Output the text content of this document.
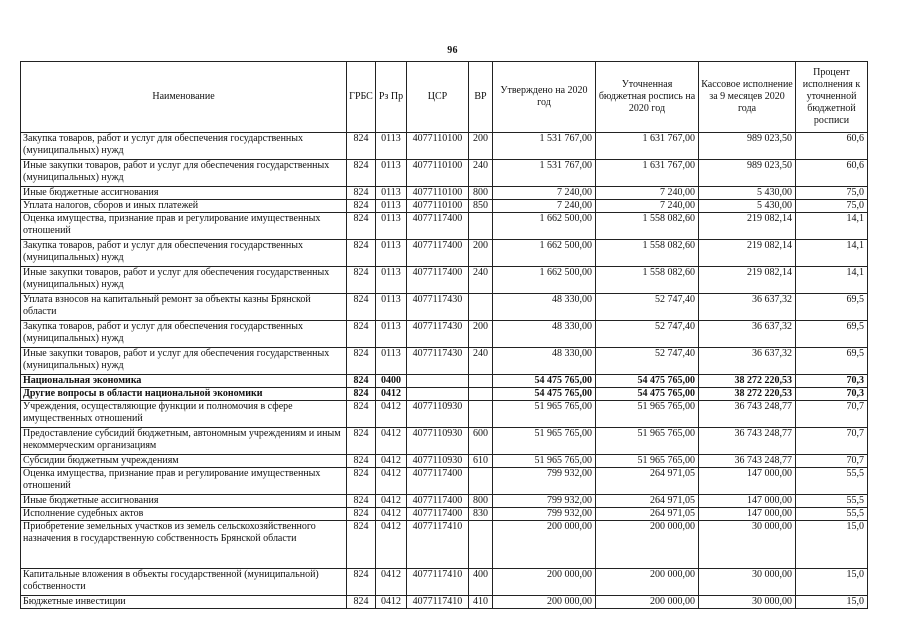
96
Наименование	ГРБС	Рз Пр	ЦСР	ВР	Утверждено на 2020 год	Уточненная бюджетная роспись на 2020 год	Кассовое исполнение за 9 месяцев 2020 года	Процент исполнения к уточненной бюджетной росписи
Закупка товаров, работ и услуг для обеспечения государственных (муниципальных) нужд	824	0113	4077110100	200	1 531 767,00	1 631 767,00	989 023,50	60,6
Иные закупки товаров, работ и услуг для обеспечения государственных (муниципальных) нужд	824	0113	4077110100	240	1 531 767,00	1 631 767,00	989 023,50	60,6
Иные бюджетные ассигнования	824	0113	4077110100	800	7 240,00	7 240,00	5 430,00	75,0
Уплата налогов, сборов и иных платежей	824	0113	4077110100	850	7 240,00	7 240,00	5 430,00	75,0
Оценка имущества, признание прав и регулирование имущественных отношений	824	0113	4077117400		1 662 500,00	1 558 082,60	219 082,14	14,1
Закупка товаров, работ и услуг для обеспечения государственных (муниципальных) нужд	824	0113	4077117400	200	1 662 500,00	1 558 082,60	219 082,14	14,1
Иные закупки товаров, работ и услуг для обеспечения государственных (муниципальных) нужд	824	0113	4077117400	240	1 662 500,00	1 558 082,60	219 082,14	14,1
Уплата взносов на капитальный ремонт за объекты казны Брянской области	824	0113	4077117430		48 330,00	52 747,40	36 637,32	69,5
Закупка товаров, работ и услуг для обеспечения государственных (муниципальных) нужд	824	0113	4077117430	200	48 330,00	52 747,40	36 637,32	69,5
Иные закупки товаров, работ и услуг для обеспечения государственных (муниципальных) нужд	824	0113	4077117430	240	48 330,00	52 747,40	36 637,32	69,5
Национальная экономика	824	0400			54 475 765,00	54 475 765,00	38 272 220,53	70,3
Другие вопросы в области национальной экономики	824	0412			54 475 765,00	54 475 765,00	38 272 220,53	70,3
Учреждения, осуществляющие функции и полномочия в сфере имущественных отношений	824	0412	4077110930		51 965 765,00	51 965 765,00	36 743 248,77	70,7
Предоставление субсидий бюджетным, автономным учреждениям и иным некоммерческим организациям	824	0412	4077110930	600	51 965 765,00	51 965 765,00	36 743 248,77	70,7
Субсидии бюджетным учреждениям	824	0412	4077110930	610	51 965 765,00	51 965 765,00	36 743 248,77	70,7
Оценка имущества, признание прав и регулирование имущественных отношений	824	0412	4077117400		799 932,00	264 971,05	147 000,00	55,5
Иные бюджетные ассигнования	824	0412	4077117400	800	799 932,00	264 971,05	147 000,00	55,5
Исполнение судебных актов	824	0412	4077117400	830	799 932,00	264 971,05	147 000,00	55,5
Приобретение земельных участков из земель сельскохозяйственного назначения в государственную собственность Брянской области	824	0412	4077117410		200 000,00	200 000,00	30 000,00	15,0
Капитальные вложения в объекты государственной (муниципальной) собственности	824	0412	4077117410	400	200 000,00	200 000,00	30 000,00	15,0
Бюджетные инвестиции	824	0412	4077117410	410	200 000,00	200 000,00	30 000,00	15,0
